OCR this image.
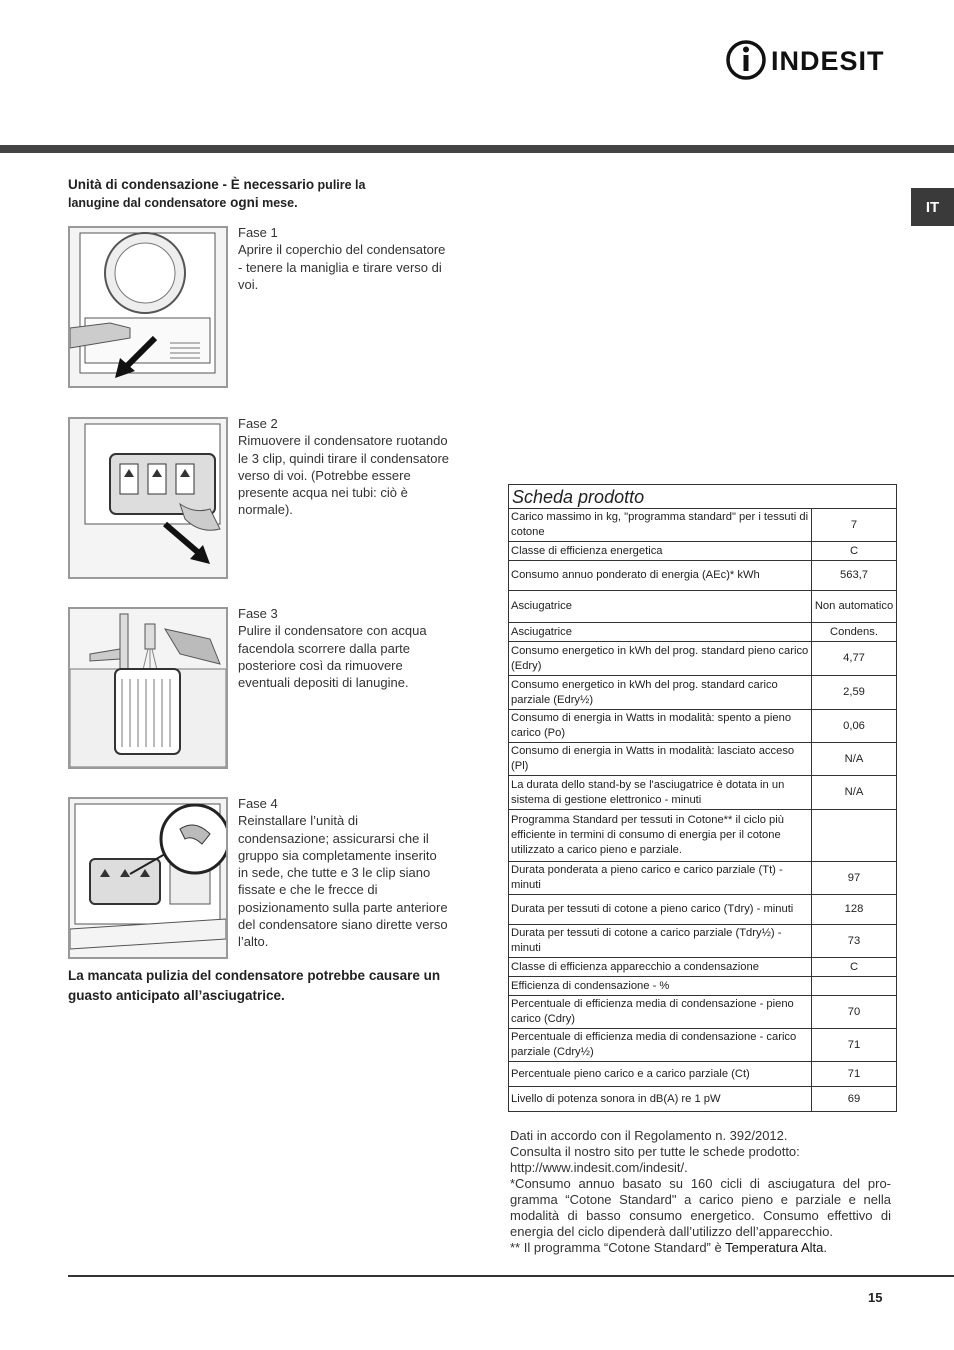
INDESIT
IT
Unità di condensazione - È necessario pulire la
lanugine dal condensatore ogni mese.
Fase 1
Aprire il coperchio del condensatore
- tenere la maniglia e tirare verso di voi.
Fase 2
Rimuovere il condensatore ruotando le 3 clip, quindi tirare il condensatore verso di voi. (Potrebbe essere presente acqua nei tubi: ciò è normale).
Fase 3
Pulire il condensatore con acqua facendola scorrere dalla parte posteriore così da rimuovere eventuali depositi di lanugine.
Fase 4
Reinstallare l’unità di condensazione; assicurarsi che il gruppo sia completamente inserito in sede, che tutte e 3 le clip siano fissate e che le frecce di posizionamento sulla parte anteriore del condensatore siano dirette verso l’alto.
La mancata pulizia del condensatore potrebbe causare un guasto anticipato all’asciugatrice.
Scheda prodotto
Carico massimo in kg, "programma standard" per i tessuti di cotone	7
Classe di efficienza energetica	C
Consumo annuo ponderato di energia (AEc)* kWh	563,7
Asciugatrice	Non automatico
Asciugatrice	Condens.
Consumo energetico in kWh del prog. standard pieno carico (Edry)	4,77
Consumo energetico in kWh del prog. standard carico parziale (Edry½)	2,59
Consumo di energia in Watts in modalità: spento a pieno carico (Po)	0,06
Consumo di energia in Watts in modalità: lasciato acceso (Pl)	N/A
La durata dello stand-by se l'asciugatrice è dotata in un sistema di gestione elettronico - minuti	N/A
Programma Standard per tessuti in Cotone** il ciclo più efficiente in termini di consumo di energia per il cotone utilizzato a carico pieno e parziale.	
Durata ponderata a pieno carico e carico parziale (Tt) - minuti	97
Durata per tessuti di cotone a pieno carico (Tdry) - minuti	128
Durata per tessuti di cotone a carico parziale (Tdry½) - minuti	73
Classe di efficienza apparecchio a condensazione	C
Efficienza di condensazione - %	
Percentuale di efficienza media di condensazione - pieno carico (Cdry)	70
Percentuale di efficienza media di condensazione - carico parziale (Cdry½)	71
Percentuale pieno carico e a carico parziale (Ct)	71
Livello di potenza sonora in dB(A) re 1 pW	69

Dati in accordo con il Regolamento n. 392/2012.

Consulta il nostro sito per tutte le schede prodotto:

http://www.indesit.com/indesit/.

*Consumo annuo basato su 160 cicli di asciugatura del pro-gramma “Cotone Standard" a carico pieno e parziale e nella modalità di basso consumo energetico. Consumo effettivo di energia del ciclo dipenderà dall’utilizzo dell’apparecchio.

** Il programma “Cotone Standard” è Temperatura Alta.

15
